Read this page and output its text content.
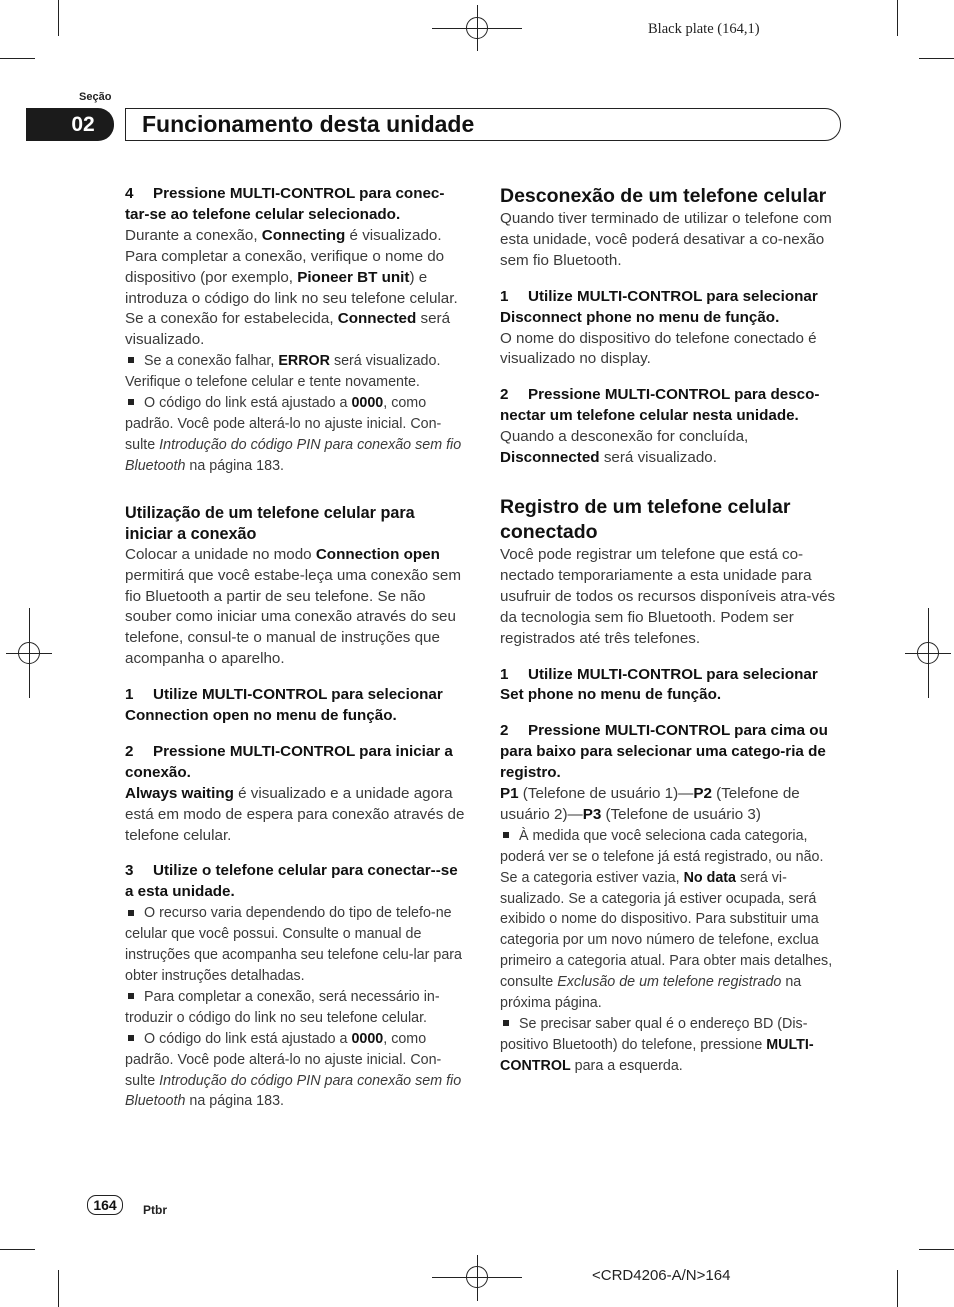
Black plate (164,1)
Seção
02 Funcionamento desta unidade

4 Pressione MULTI-CONTROL para conec-tar-se ao telefone celular selecionado.

Durante a conexão, Connecting é visualizado. Para completar a conexão, verifique o nome do dispositivo (por exemplo, Pioneer BT unit) e introduza o código do link no seu telefone celular. Se a conexão for estabelecida, Connected será visualizado.

Se a conexão falhar, ERROR será visualizado. Verifique o telefone celular e tente novamente.

O código do link está ajustado a 0000, como padrão. Você pode alterá-lo no ajuste inicial. Con-sulte Introdução do código PIN para conexão sem fio Bluetooth na página 183.

Utilização de um telefone celular para iniciar a conexão

Colocar a unidade no modo Connection open permitirá que você estabe-leça uma conexão sem fio Bluetooth a partir de seu telefone. Se não souber como iniciar uma conexão através do seu telefone, consul-te o manual de instruções que acompanha o aparelho.

1 Utilize MULTI-CONTROL para selecionar Connection open no menu de função.

2 Pressione MULTI-CONTROL para iniciar a conexão.

Always waiting é visualizado e a unidade agora está em modo de espera para conexão através de telefone celular.

3 Utilize o telefone celular para conectar--se a esta unidade.

O recurso varia dependendo do tipo de telefo-ne celular que você possui. Consulte o manual de instruções que acompanha seu telefone celu-lar para obter instruções detalhadas.

Para completar a conexão, será necessário in-troduzir o código do link no seu telefone celular.

O código do link está ajustado a 0000, como padrão. Você pode alterá-lo no ajuste inicial. Con-sulte Introdução do código PIN para conexão sem fio Bluetooth na página 183.

Desconexão de um telefone celular

Quando tiver terminado de utilizar o telefone com esta unidade, você poderá desativar a co-nexão sem fio Bluetooth.

1 Utilize MULTI-CONTROL para selecionar Disconnect phone no menu de função.

O nome do dispositivo do telefone conectado é visualizado no display.

2 Pressione MULTI-CONTROL para desco-nectar um telefone celular nesta unidade.

Quando a desconexão for concluída, Disconnected será visualizado.

Registro de um telefone celular conectado

Você pode registrar um telefone que está co-nectado temporariamente a esta unidade para usufruir de todos os recursos disponíveis atra-vés da tecnologia sem fio Bluetooth. Podem ser registrados até três telefones.

1 Utilize MULTI-CONTROL para selecionar Set phone no menu de função.

2 Pressione MULTI-CONTROL para cima ou para baixo para selecionar uma catego-ria de registro.

P1 (Telefone de usuário 1)—P2 (Telefone de usuário 2)—P3 (Telefone de usuário 3)

À medida que você seleciona cada categoria, poderá ver se o telefone já está registrado, ou não. Se a categoria estiver vazia, No data será vi-sualizado. Se a categoria já estiver ocupada, será exibido o nome do dispositivo. Para substituir uma categoria por um novo número de telefone, exclua primeiro a categoria atual. Para obter mais detalhes, consulte Exclusão de um telefone registrado na próxima página.

Se precisar saber qual é o endereço BD (Dis-positivo Bluetooth) do telefone, pressione MULTI-CONTROL para a esquerda.

164 Ptbr
<CRD4206-A/N>164
